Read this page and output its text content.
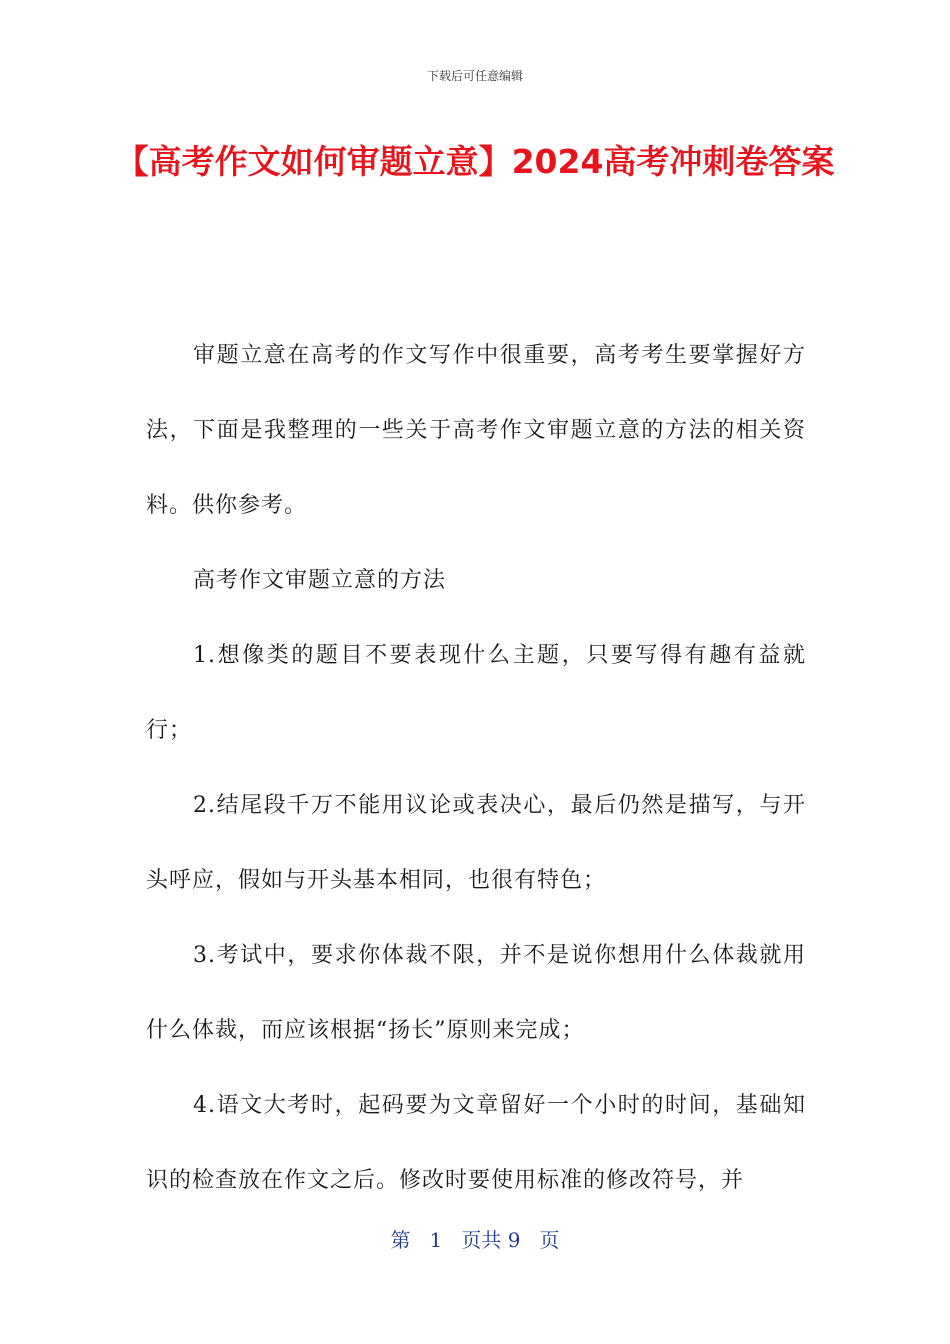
下载后可任意编辑
【高考作文如何审题立意】2024高考冲刺卷答案

审题立意在高考的作文写作中很重要，高考考生要掌握好方法，下面是我整理的一些关于高考作文审题立意的方法的相关资料。供你参考。

高考作文审题立意的方法

1.想像类的题目不要表现什么主题，只要写得有趣有益就行；

2.结尾段千万不能用议论或表决心，最后仍然是描写，与开头呼应，假如与开头基本相同，也很有特色；

3.考试中，要求你体裁不限，并不是说你想用什么体裁就用什么体裁，而应该根据“扬长”原则来完成；

4.语文大考时，起码要为文章留好一个小时的时间，基础知识的检查放在作文之后。修改时要使用标准的修改符号，并

第 1 页共 9 页
